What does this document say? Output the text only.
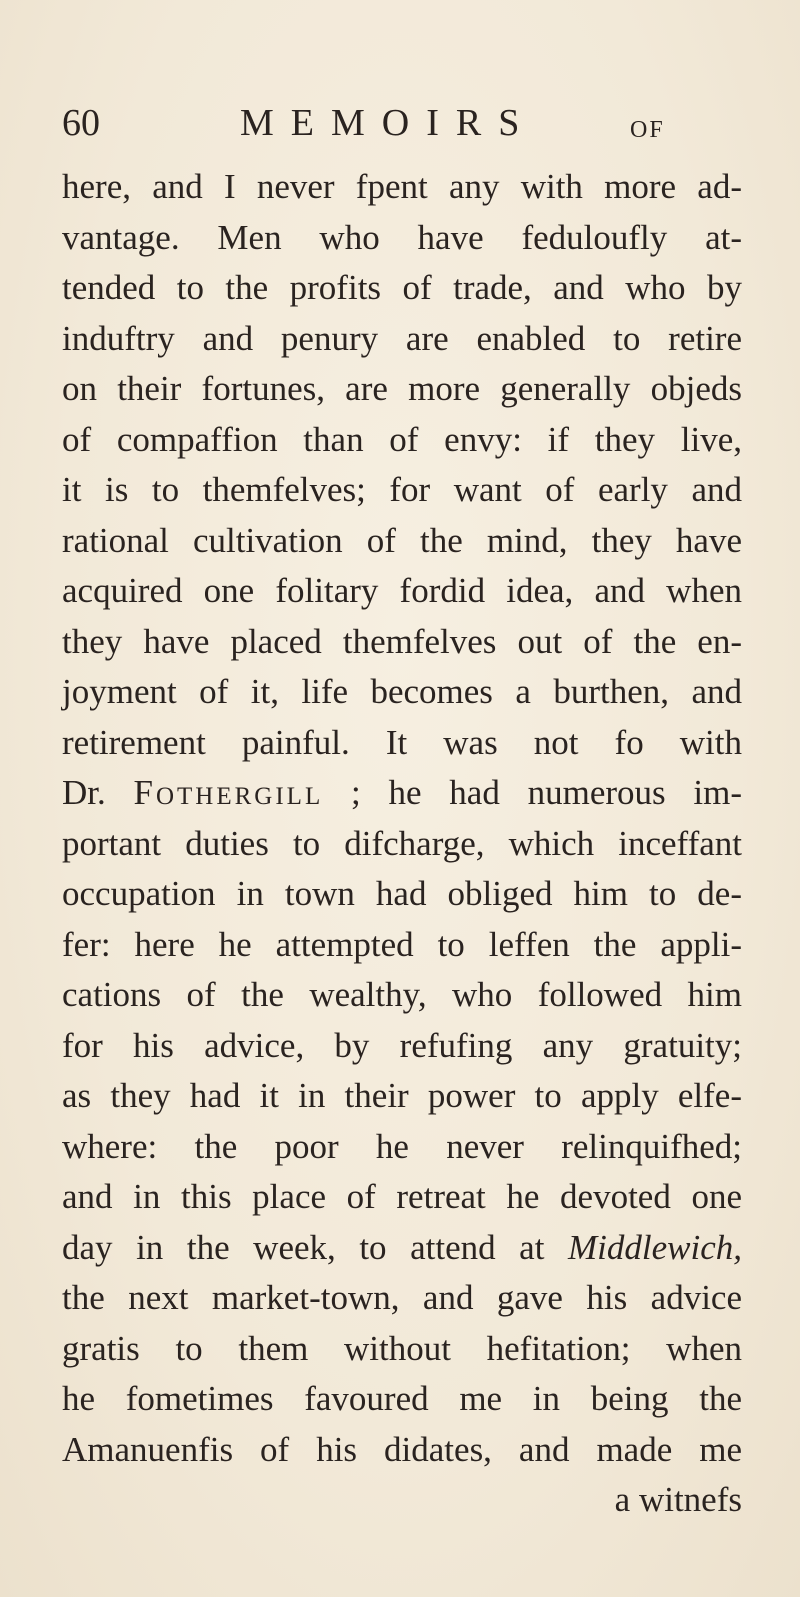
60	MEMOIRS	OF
here, and I never fpent any with more ad-
vantage. Men who have feduloufly at-
tended to the profits of trade, and who by
induftry and penury are enabled to retire
on their fortunes, are more generally objeds
of compaffion than of envy: if they live,
it is to themfelves; for want of early and
rational cultivation of the mind, they have
acquired one folitary fordid idea, and when
they have placed themfelves out of the en-
joyment of it, life becomes a burthen, and
retirement painful. It was not fo with
Dr. Fothergill ; he had numerous im-
portant duties to difcharge, which inceffant
occupation in town had obliged him to de-
fer: here he attempted to leffen the appli-
cations of the wealthy, who followed him
for his advice, by refufing any gratuity;
as they had it in their power to apply elfe-
where: the poor he never relinquifhed;
and in this place of retreat he devoted one
day in the week, to attend at Middlewich,
the next market-town, and gave his advice
gratis to them without hefitation; when
he fometimes favoured me in being the
Amanuenfis of his didates, and made me
a witnefs
